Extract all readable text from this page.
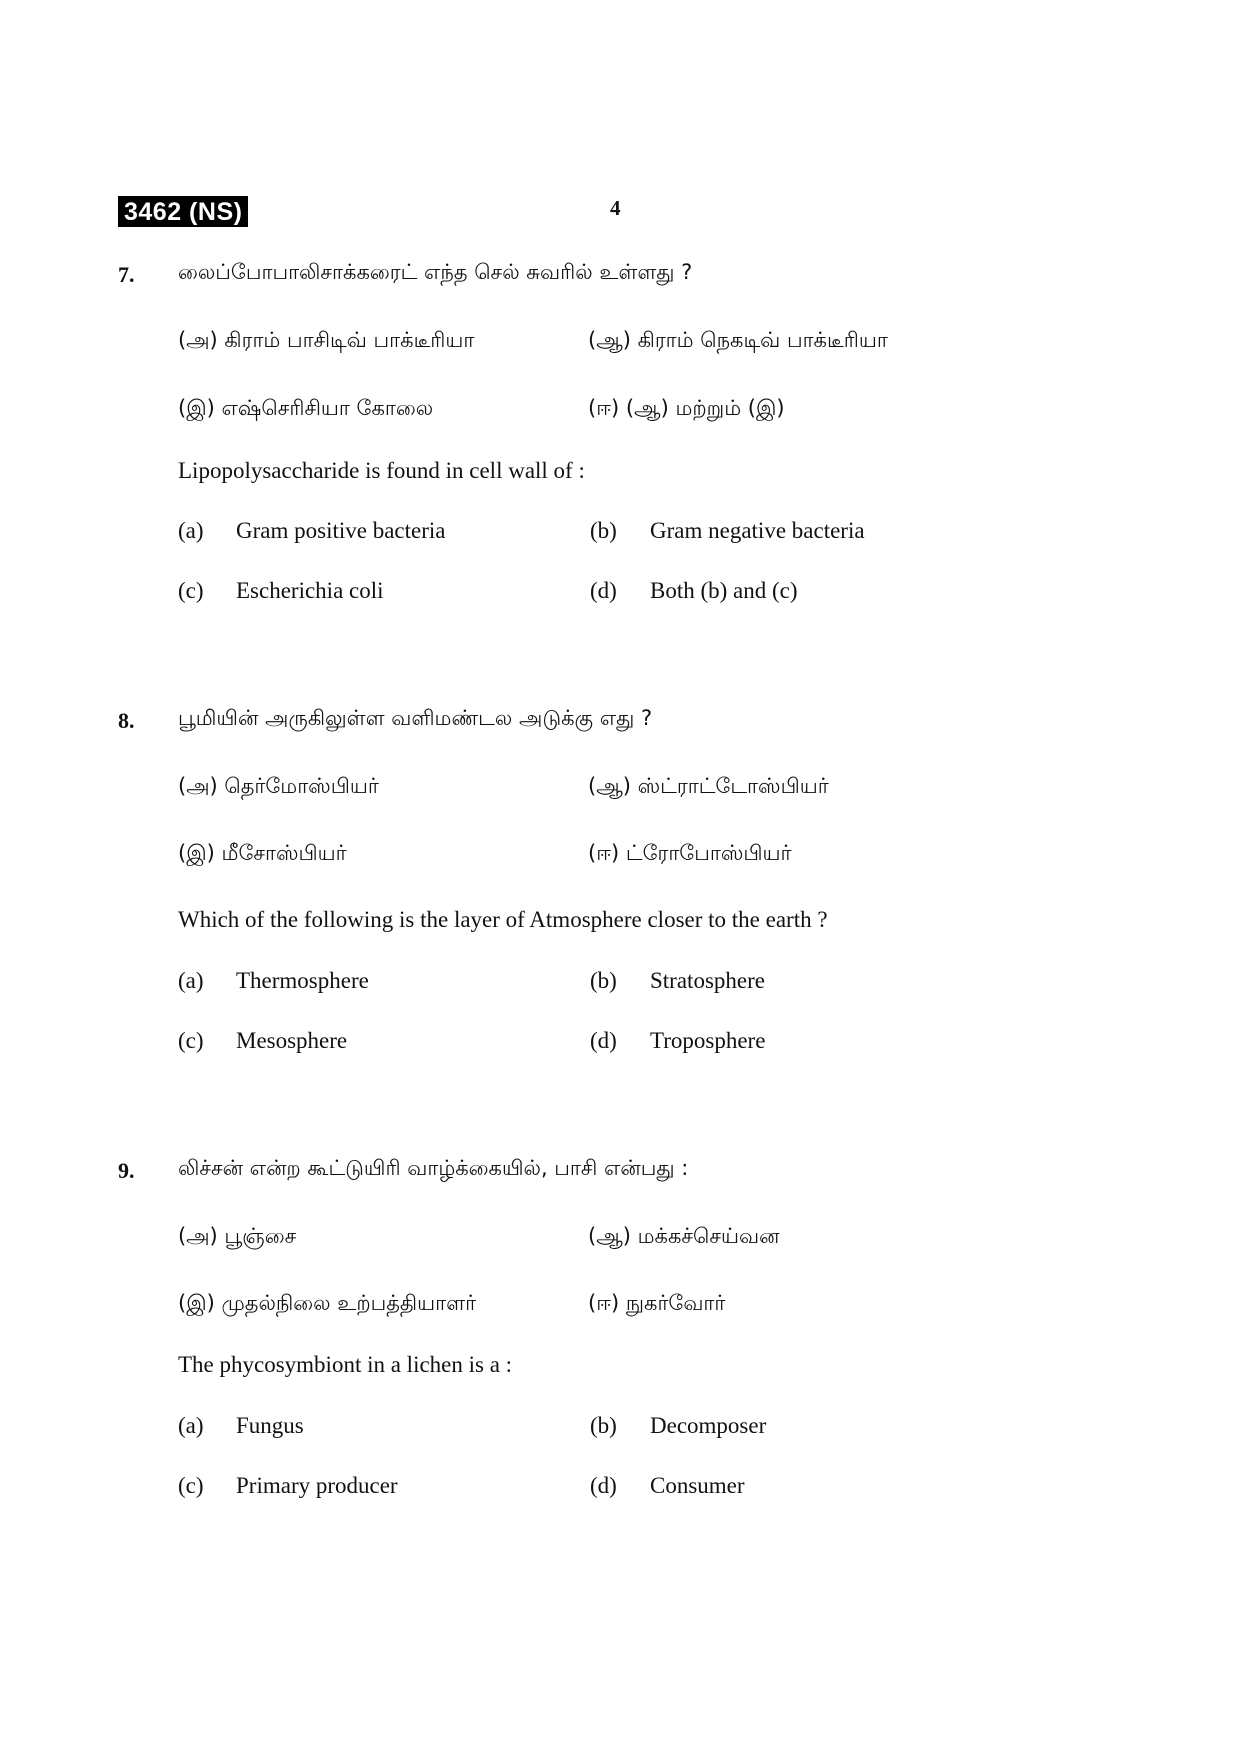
3462 (NS)	4
7. லைப்போபாலிசாக்கரைட் எந்த செல் சுவரில் உள்ளது ?
(அ) கிராம் பாசிடிவ் பாக்டீரியா	(ஆ) கிராம் நெகடிவ் பாக்டீரியா
(இ) எஷ்செரிசியா கோலை	(ஈ) (ஆ) மற்றும் (இ)
Lipopolysaccharide is found in cell wall of :
(a) Gram positive bacteria	(b) Gram negative bacteria
(c) Escherichia coli	(d) Both (b) and (c)
8. பூமியின் அருகிலுள்ள வளிமண்டல அடுக்கு எது ?
(அ) தெர்மோஸ்பியர்	(ஆ) ஸ்ட்ராட்டோஸ்பியர்
(இ) மீசோஸ்பியர்	(ஈ) ட்ரோபோஸ்பியர்
Which of the following is the layer of Atmosphere closer to the earth ?
(a) Thermosphere	(b) Stratosphere
(c) Mesosphere	(d) Troposphere
9. லிச்சன் என்ற கூட்டுயிரி வாழ்க்கையில், பாசி என்பது :
(அ) பூஞ்சை	(ஆ) மக்கச்செய்வன
(இ) முதல்நிலை உற்பத்தியாளர்	(ஈ) நுகர்வோர்
The phycosymbiont in a lichen is a :
(a) Fungus	(b) Decomposer
(c) Primary producer	(d) Consumer
